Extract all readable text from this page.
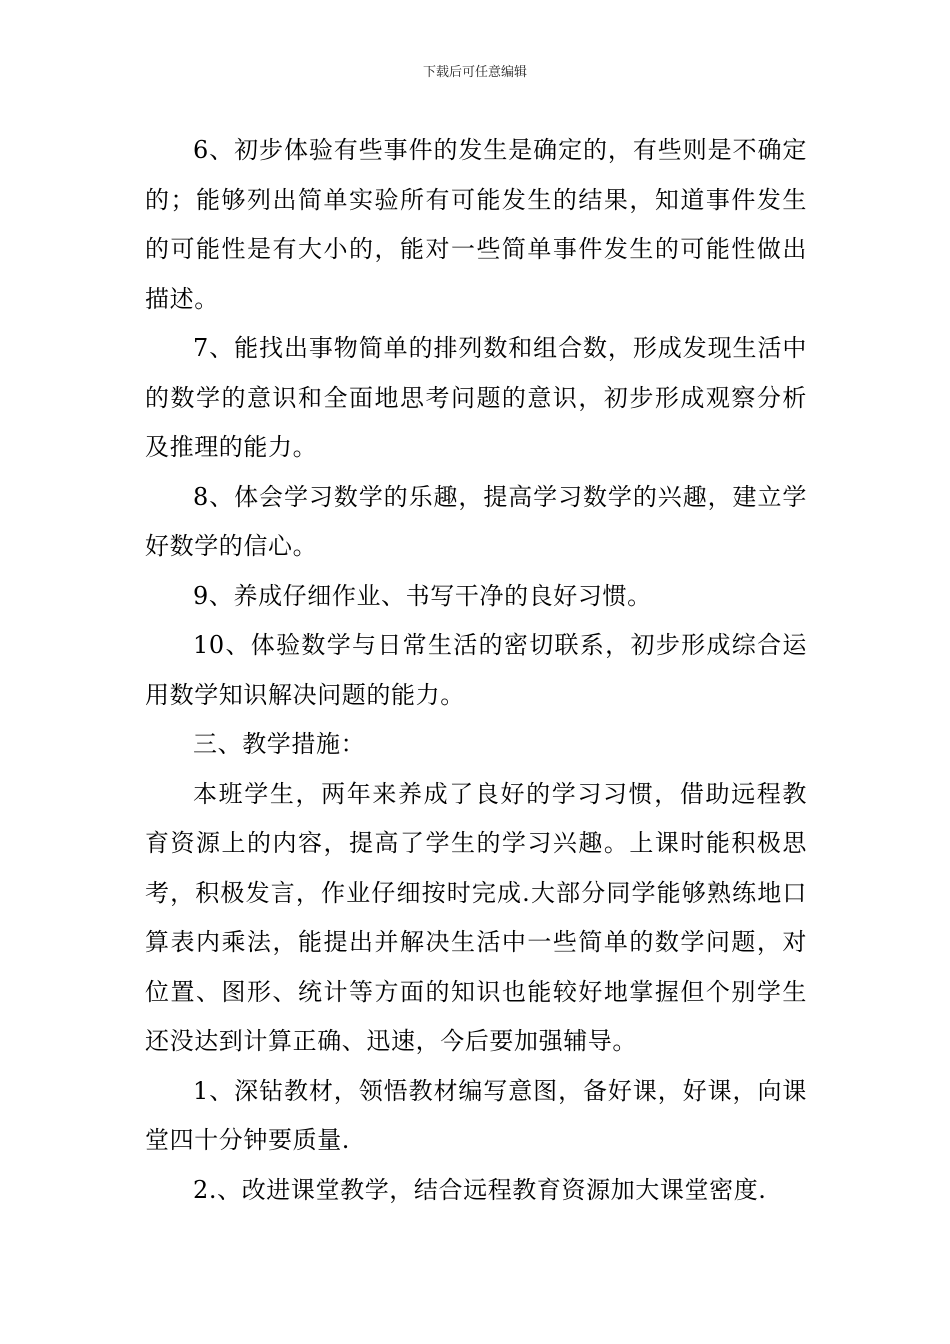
下载后可任意编辑

6、初步体验有些事件的发生是确定的，有些则是不确定的；能够列出简单实验所有可能发生的结果，知道事件发生的可能性是有大小的，能对一些简单事件发生的可能性做出描述。

7、能找出事物简单的排列数和组合数，形成发现生活中的数学的意识和全面地思考问题的意识，初步形成观察分析及推理的能力。

8、体会学习数学的乐趣，提高学习数学的兴趣，建立学好数学的信心。

9、养成仔细作业、书写干净的良好习惯。

10、体验数学与日常生活的密切联系，初步形成综合运用数学知识解决问题的能力。

三、教学措施：

本班学生，两年来养成了良好的学习习惯，借助远程教育资源上的内容，提高了学生的学习兴趣。上课时能积极思考，积极发言，作业仔细按时完成.大部分同学能够熟练地口算表内乘法，能提出并解决生活中一些简单的数学问题，对位置、图形、统计等方面的知识也能较好地掌握但个别学生还没达到计算正确、迅速，今后要加强辅导。

1、深钻教材，领悟教材编写意图，备好课，好课，向课堂四十分钟要质量.

2.、改进课堂教学，结合远程教育资源加大课堂密度.
